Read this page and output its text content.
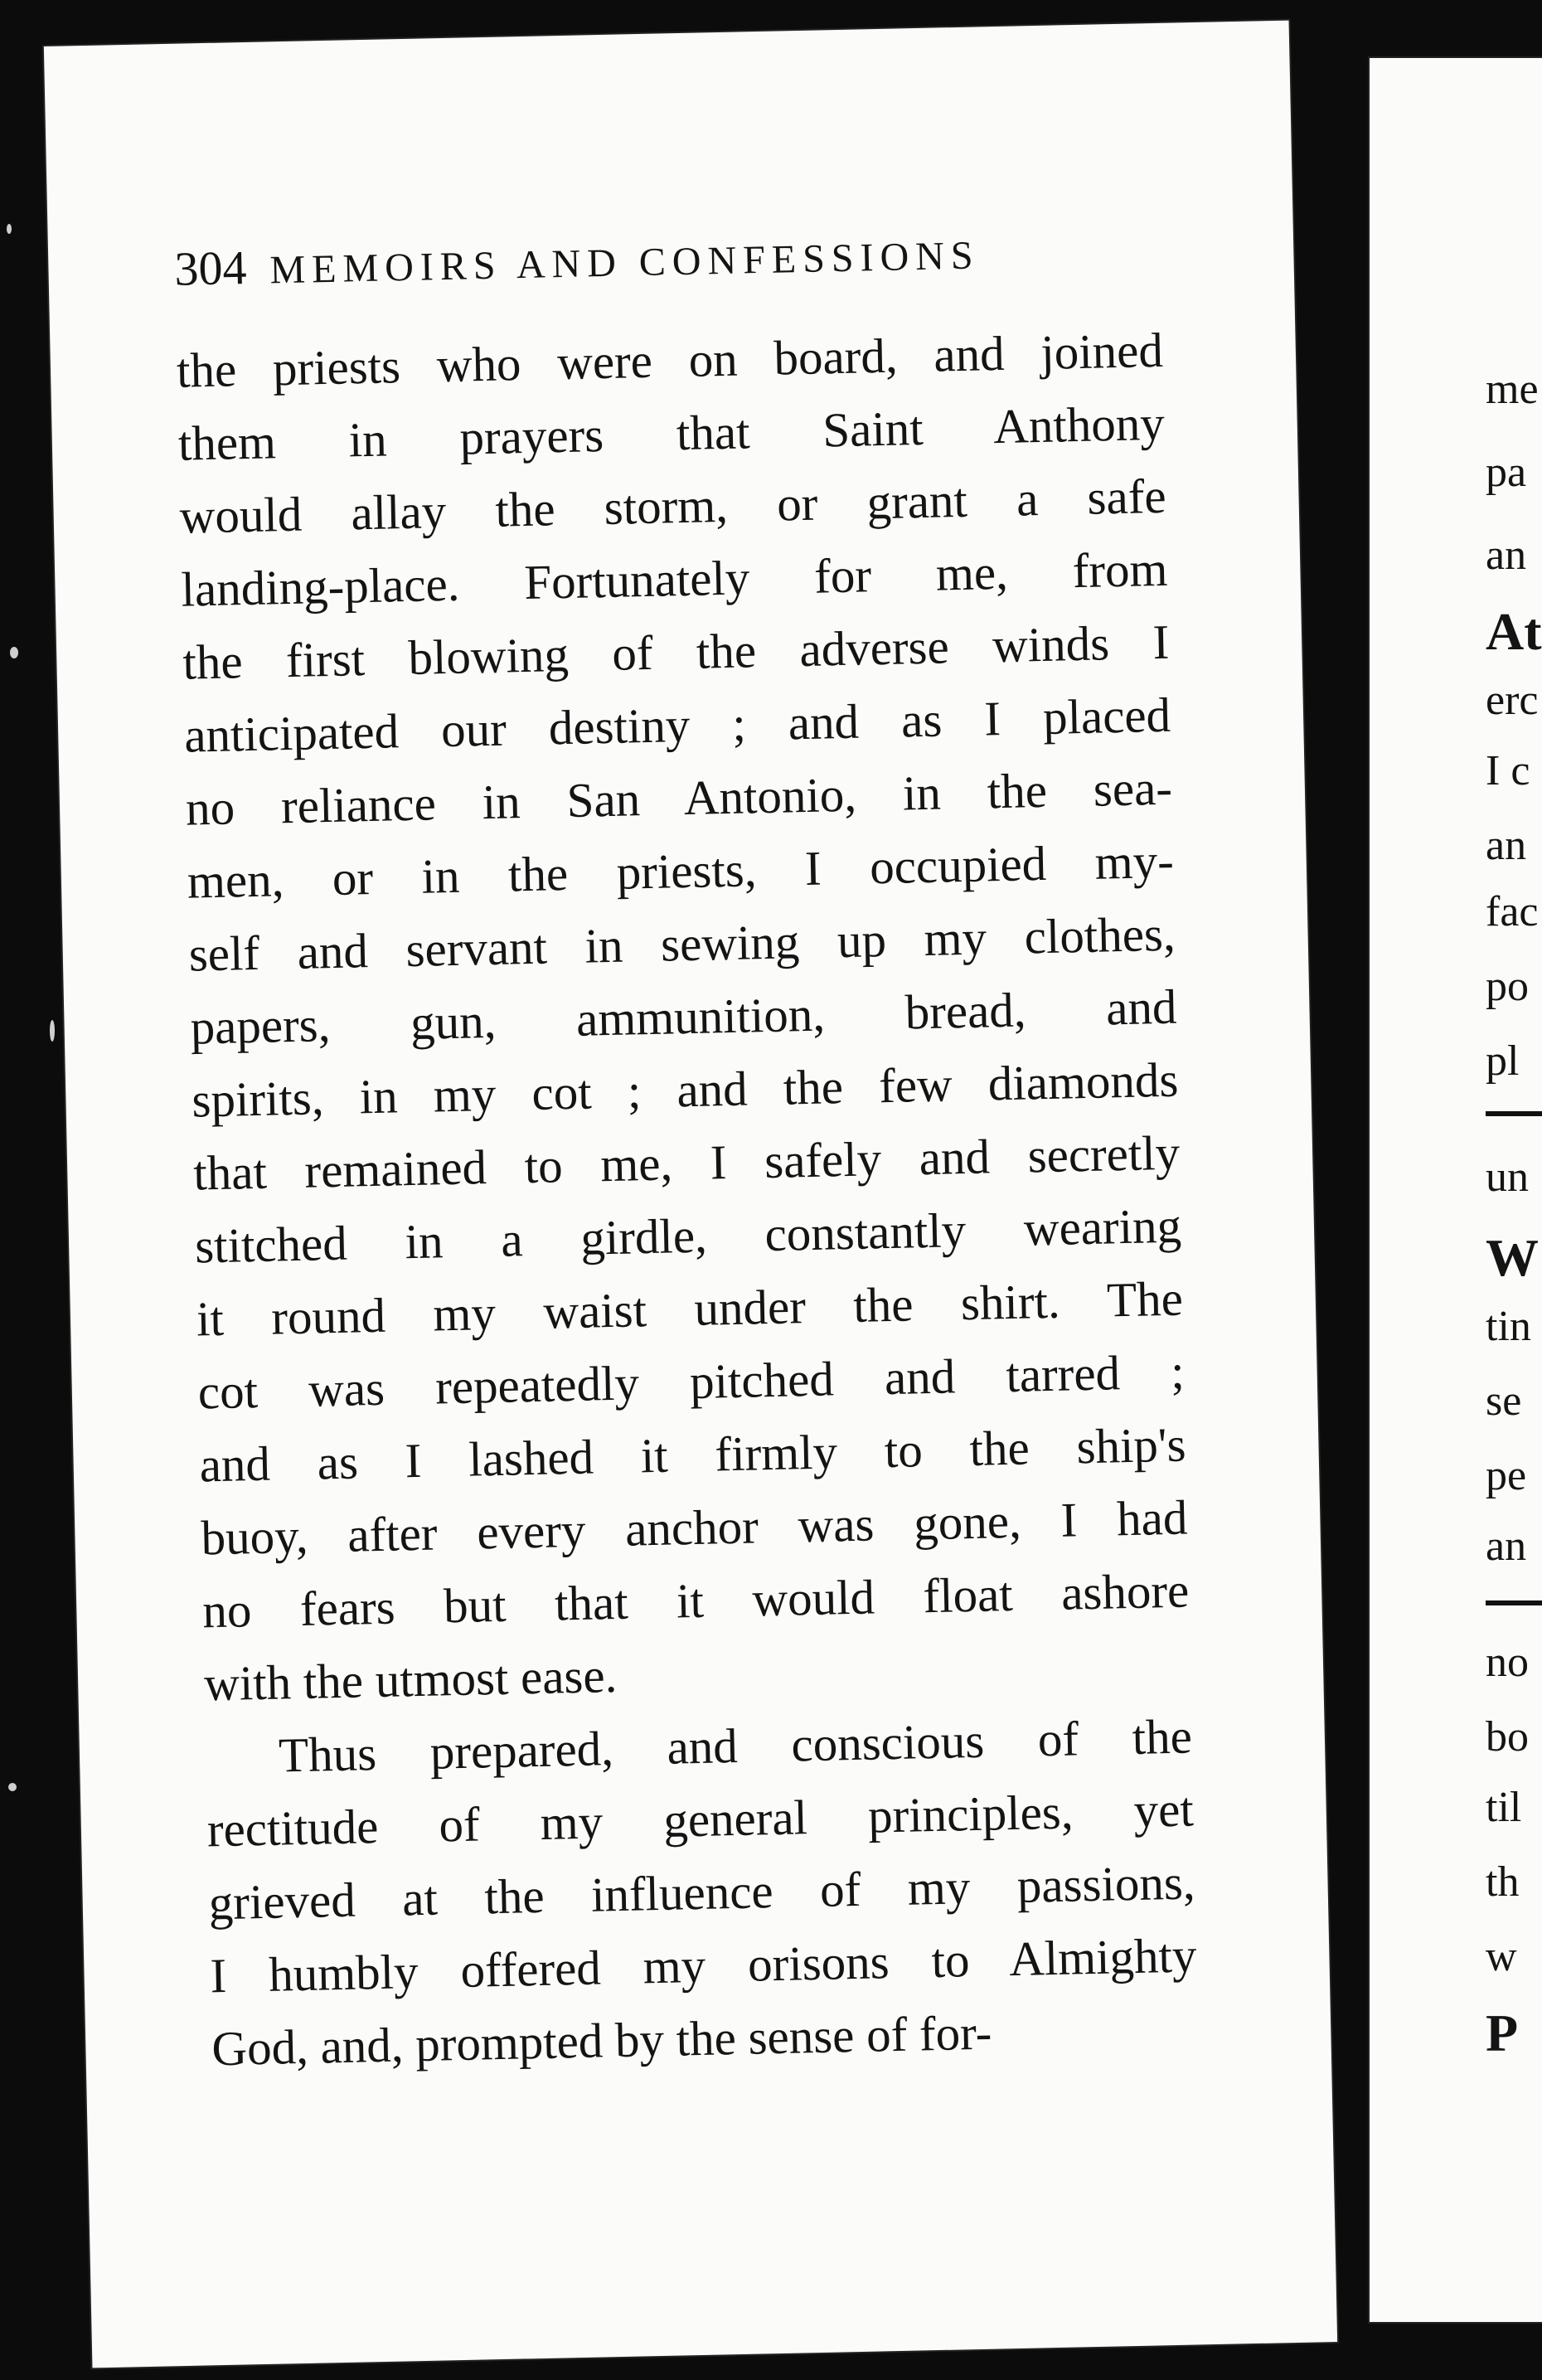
304 MEMOIRS AND CONFESSIONS
the priests who were on board, and joined
them in prayers that Saint Anthony
would allay the storm, or grant a safe
landing-place. Fortunately for me, from
the first blowing of the adverse winds I
anticipated our destiny ; and as I placed
no reliance in San Antonio, in the sea-
men, or in the priests, I occupied my-
self and servant in sewing up my clothes,
papers, gun, ammunition, bread, and
spirits, in my cot ; and the few diamonds
that remained to me, I safely and secretly
stitched in a girdle, constantly wearing
it round my waist under the shirt. The
cot was repeatedly pitched and tarred ;
and as I lashed it firmly to the ship's
buoy, after every anchor was gone, I had
no fears but that it would float ashore
with the utmost ease.
Thus prepared, and conscious of the
rectitude of my general principles, yet
grieved at the influence of my passions,
I humbly offered my orisons to Almighty
God, and, prompted by the sense of for-
me
pa
an
At
erc
I c
an
fac
po
pl
un
W
tin
se
pe
an
no
bo
til
th
w
P
